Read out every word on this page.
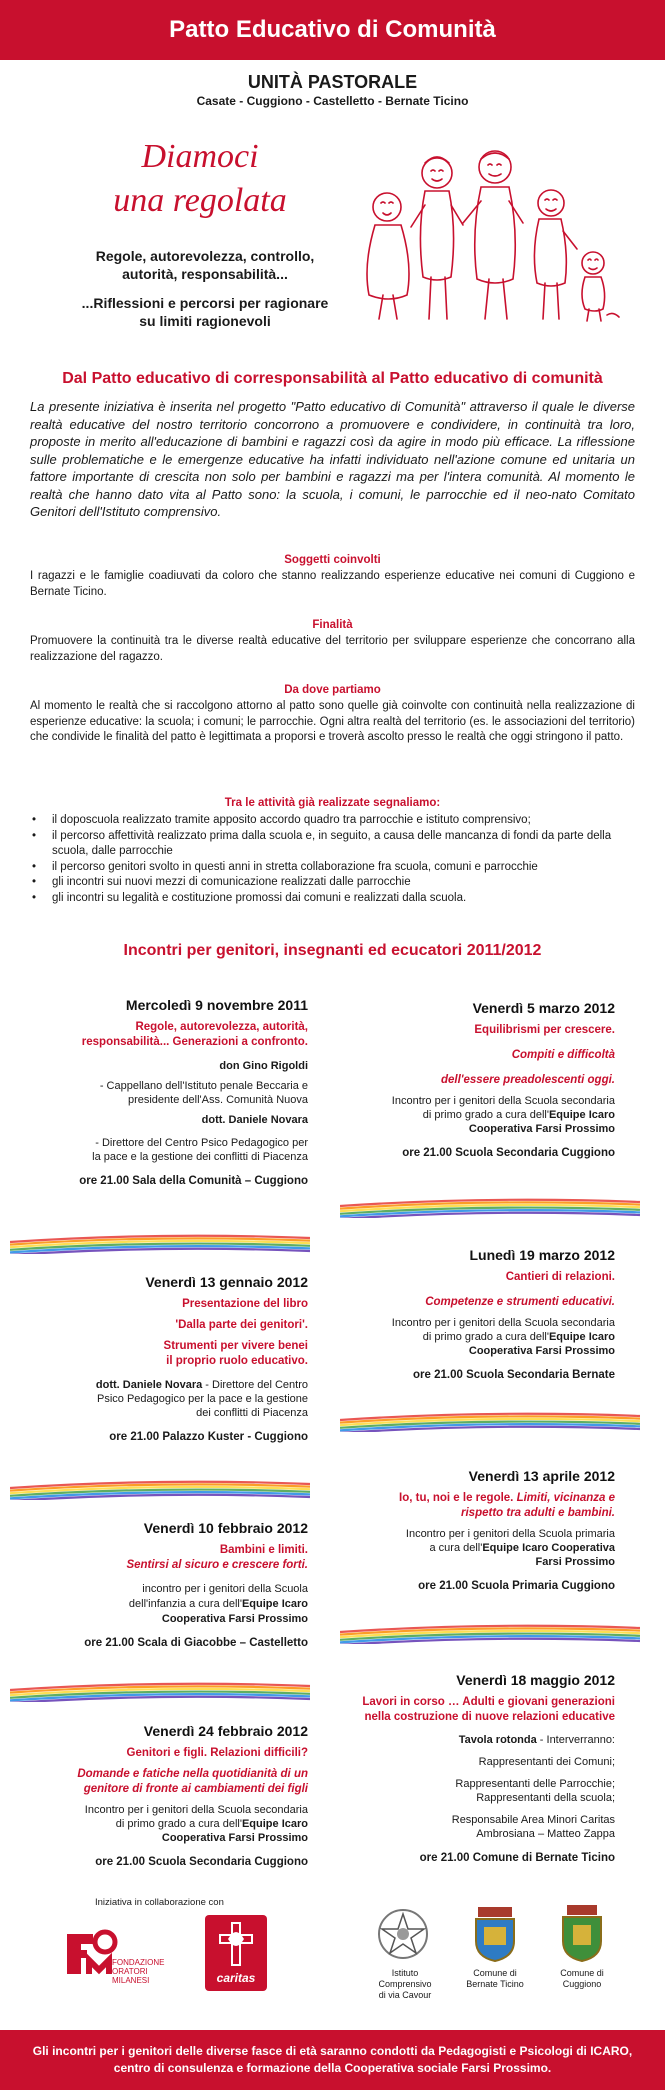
Patto Educativo di Comunità
UNITÀ PASTORALE
Casate - Cuggiono - Castelletto - Bernate Ticino
Diamoci
una regolata
Regole, autorevolezza, controllo,
autorità, responsabilità...
...Riflessioni e percorsi per ragionare
su limiti ragionevoli
Dal Patto educativo di corresponsabilità al Patto educativo di comunità

La presente iniziativa è inserita nel progetto "Patto educativo di Comunità" attraverso il quale le diverse realtà educative del nostro territorio concorrono a promuovere e condividere, in continuità tra loro, proposte in merito all'educazione di bambini e ragazzi così da agire in modo più efficace. La riflessione sulle problematiche e le emergenze educative ha infatti individuato nell'azione comune ed unitaria un fattore importante di crescita non solo per bambini e ragazzi ma per l'intera comunità. Al momento le realtà che hanno dato vita al Patto sono: la scuola, i comuni, le parrocchie ed il neo-nato Comitato Genitori dell'Istituto comprensivo.

Soggetti coinvolti

I ragazzi e le famiglie coadiuvati da coloro che stanno realizzando esperienze educative nei comuni di Cuggiono e Bernate Ticino.

Finalità

Promuovere la continuità tra le diverse realtà educative del territorio per sviluppare esperienze che concorrano alla realizzazione del ragazzo.

Da dove partiamo

Al momento le realtà che si raccolgono attorno al patto sono quelle già coinvolte con continuità nella realizzazione di esperienze educative: la scuola; i comuni; le parrocchie. Ogni altra realtà del territorio (es. le associazioni del territorio) che condivide le finalità del patto è legittimata a proporsi e troverà ascolto presso le realtà che oggi stringono il patto.

Tra le attività già realizzate segnaliamo:
• il doposcuola realizzato tramite apposito accordo quadro tra parrocchie e istituto comprensivo;
• il percorso affettività realizzato prima dalla scuola e, in seguito, a causa delle mancanza di fondi da parte della scuola, dalle parrocchie
• il percorso genitori svolto in questi anni in stretta collaborazione fra scuola, comuni e parrocchie
• gli incontri sui nuovi mezzi di comunicazione realizzati dalle parrocchie
• gli incontri su legalità e costituzione promossi dai comuni e realizzati dalla scuola.
Incontri per genitori, insegnanti ed ecucatori 2011/2012
Mercoledì 9 novembre 2011
Regole, autorevolezza, autorità,
responsabilità... Generazioni a confronto.
don Gino Rigoldi
- Cappellano dell'Istituto penale Beccaria e
presidente dell'Ass. Comunità Nuova
dott. Daniele Novara
- Direttore del Centro Psico Pedagogico per
la pace e la gestione dei conflitti di Piacenza
ore 21.00 Sala della Comunità – Cuggiono
Venerdì 13 gennaio 2012
Presentazione del libro
'Dalla parte dei genitori'.
Strumenti per vivere benei
il proprio ruolo educativo.
dott. Daniele Novara - Direttore del Centro
Psico Pedagogico per la pace e la gestione
dei conflitti di Piacenza
ore 21.00 Palazzo Kuster - Cuggiono
Venerdì 10 febbraio 2012
Bambini e limiti.
Sentirsi al sicuro e crescere forti.
incontro per i genitori della Scuola
dell'infanzia a cura dell'Equipe Icaro
Cooperativa Farsi Prossimo
ore 21.00 Scala di Giacobbe – Castelletto
Venerdì 24 febbraio 2012
Genitori e figli. Relazioni difficili?
Domande e fatiche nella quotidianità di un
genitore di fronte ai cambiamenti dei figli
Incontro per i genitori della Scuola secondaria
di primo grado a cura dell'Equipe Icaro
Cooperativa Farsi Prossimo
ore 21.00 Scuola Secondaria Cuggiono
Venerdì 5 marzo 2012
Equilibrismi per crescere.
Compiti e difficoltà
dell'essere preadolescenti oggi.
Incontro per i genitori della Scuola secondaria
di primo grado a cura dell'Equipe Icaro
Cooperativa Farsi Prossimo
ore 21.00 Scuola Secondaria Cuggiono
Lunedì 19 marzo 2012
Cantieri di relazioni.
Competenze e strumenti educativi.
Incontro per i genitori della Scuola secondaria
di primo grado a cura dell'Equipe Icaro
Cooperativa Farsi Prossimo
ore 21.00 Scuola Secondaria Bernate
Venerdì 13 aprile 2012
Io, tu, noi e le regole. Limiti, vicinanza e
rispetto tra adulti e bambini.
Incontro per i genitori della Scuola primaria
a cura dell'Equipe Icaro Cooperativa
Farsi Prossimo
ore 21.00 Scuola Primaria Cuggiono
Venerdì 18 maggio 2012
Lavori in corso … Adulti e giovani generazioni
nella costruzione di nuove relazioni educative
Tavola rotonda - Interverranno:
Rappresentanti dei Comuni;
Rappresentanti delle Parrocchie;
Rappresentanti della scuola;
Responsabile Area Minori Caritas
Ambrosiana – Matteo Zappa
ore 21.00 Comune di Bernate Ticino
Iniziativa in collaborazione con
FONDAZIONE ORATORI MILANESI	caritas	Istituto Comprensivo
di via Cavour
Comune di
Bernate Ticino
Comune di
Cuggiono
Gli incontri per i genitori delle diverse fasce di età saranno condotti da Pedagogisti e Psicologi di ICARO,
centro di consulenza e formazione della Cooperativa sociale Farsi Prossimo.
